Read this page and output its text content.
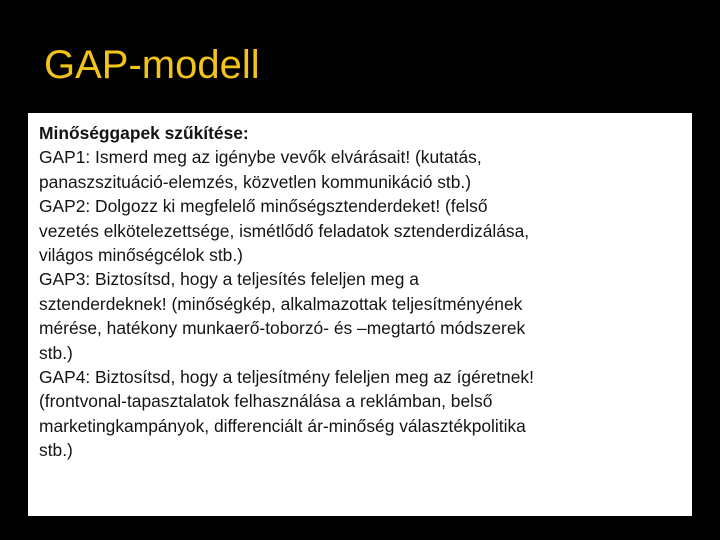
GAP-modell
Minőséggapek szűkítése:
GAP1: Ismerd meg az igénybe vevők elvárásait! (kutatás,
panaszszituáció-elemzés, közvetlen kommunikáció stb.)
GAP2: Dolgozz ki megfelelő minőségsztenderdeket! (felső
vezetés elkötelezettsége, ismétlődő feladatok sztenderdizálása,
világos minőségcélok stb.)
GAP3: Biztosítsd, hogy a teljesítés feleljen meg a
sztenderdeknek! (minőségkép, alkalmazottak teljesítményének
mérése, hatékony munkaerő-toborzó- és –megtartó módszerek
stb.)
GAP4: Biztosítsd, hogy a teljesítmény feleljen meg az ígéretnek!
(frontvonal-tapasztalatok felhasználása a reklámban, belső
marketingkampányok, differenciált ár-minőség választékpolitika
stb.)
